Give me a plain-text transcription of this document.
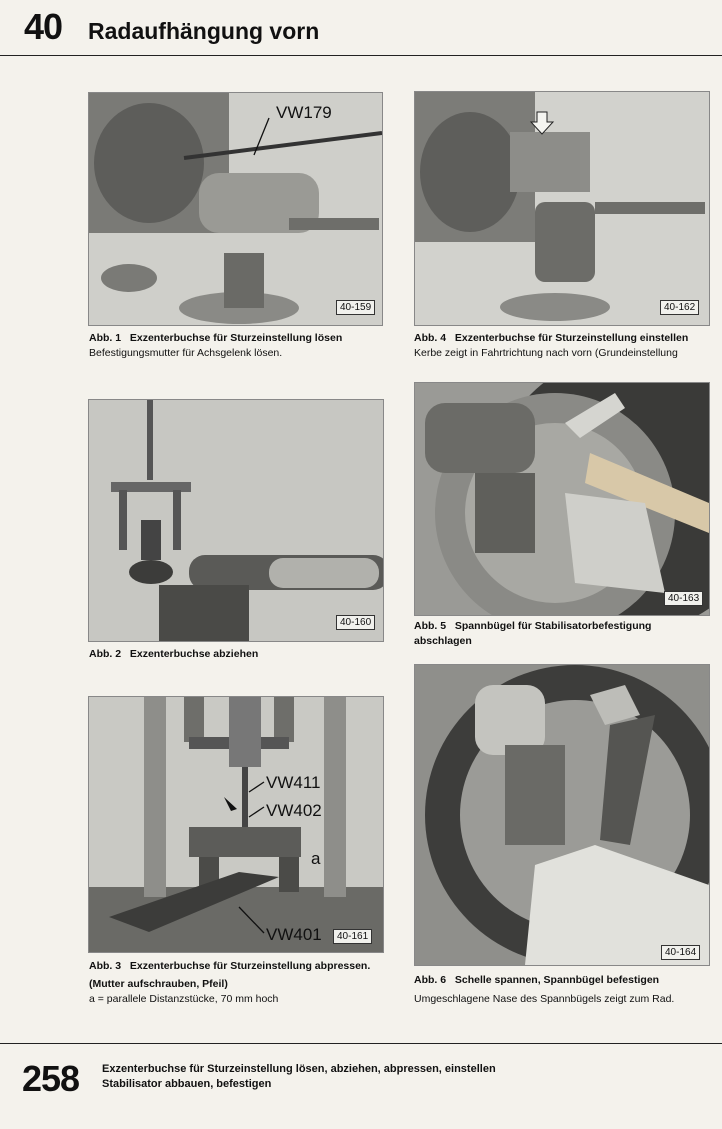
40 Radaufhängung vorn
VW179
40-159
Abb. 1 Exzenterbuchse für Sturzeinstellung lösen
Befestigungsmutter für Achsgelenk lösen.
40-162
Abb. 4 Exzenterbuchse für Sturzeinstellung einstellen
Kerbe zeigt in Fahrtrichtung nach vorn (Grundeinstellung
40-160
Abb. 2 Exzenterbuchse abziehen
40-163
Abb. 5 Spannbügel für Stabilisatorbefestigung
abschlagen
VW411
VW402
a
VW401	40-161
Abb. 3 Exzenterbuchse für Sturzeinstellung abpressen.
(Mutter aufschrauben, Pfeil)
a = parallele Distanzstücke, 70 mm hoch
40-164
Abb. 6 Schelle spannen, Spannbügel befestigen
Umgeschlagene Nase des Spannbügels zeigt zum Rad.
258 Exzenterbuchse für Sturzeinstellung lösen, abziehen, abpressen, einstellen
Stabilisator abbauen, befestigen
